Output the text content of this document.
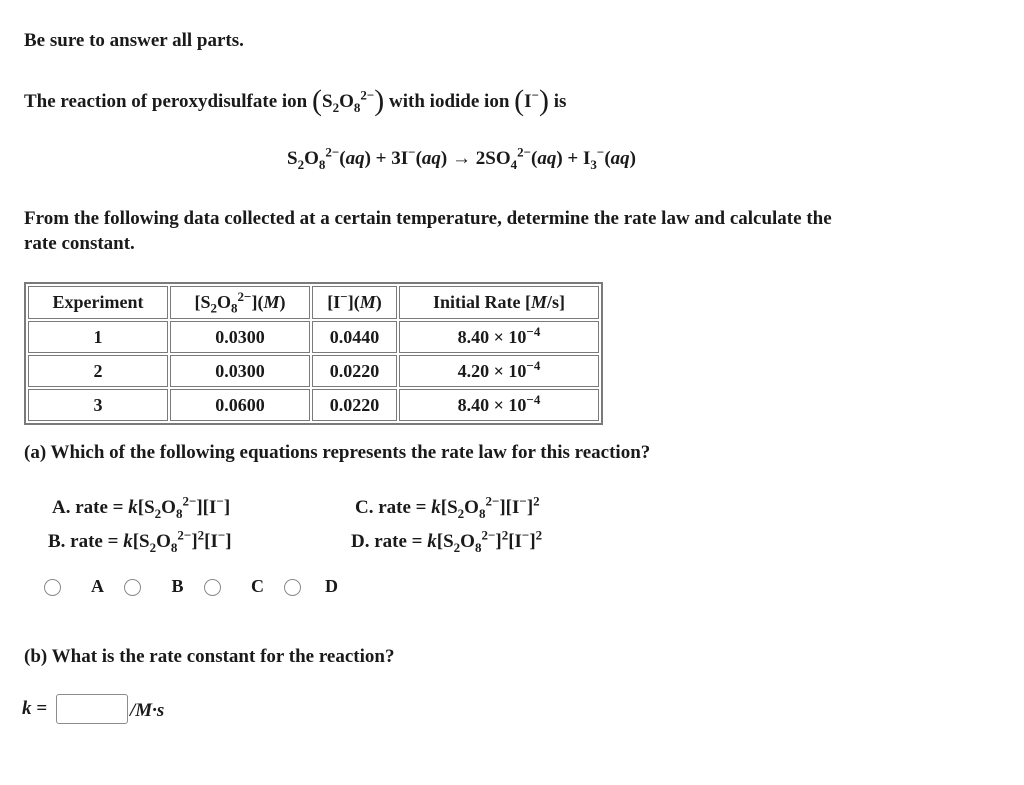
Be sure to answer all parts.
The reaction of peroxydisulfate ion $(S_2O_8^{2-})$ with iodide ion (I−) is
$S_2O_8^{2-}(aq) + 3I^-(aq) \to 2SO_4^{2-}(aq) + I_3^-(aq)$
From the following data collected at a certain temperature, determine the rate law and calculate the
rate constant.
Experiment	$[S_2O_8^{2-}](M)$	[I−](M)	Initial Rate [M/s]
1	0.0300	0.0440	$8.40 \times 10^{-4}$
2	0.0300	0.0220	$4.20 \times 10^{-4}$
3	0.0600	0.0220	$8.40 \times 10^{-4}$
(a) Which of the following equations represents the rate law for this reaction?
A. rate = $k[S_2O_8^{2-}][I^-]$
B. rate = $k[S_2O_8^{2-}]^2[I^-]$
C. rate = $k[S_2O_8^{2-}][I^-]^2$
D. rate = $k[S_2O_8^{2-}]^2[I^-]^2$
A	B	C	D
(b) What is the rate constant for the reaction?
k =	/M·s
